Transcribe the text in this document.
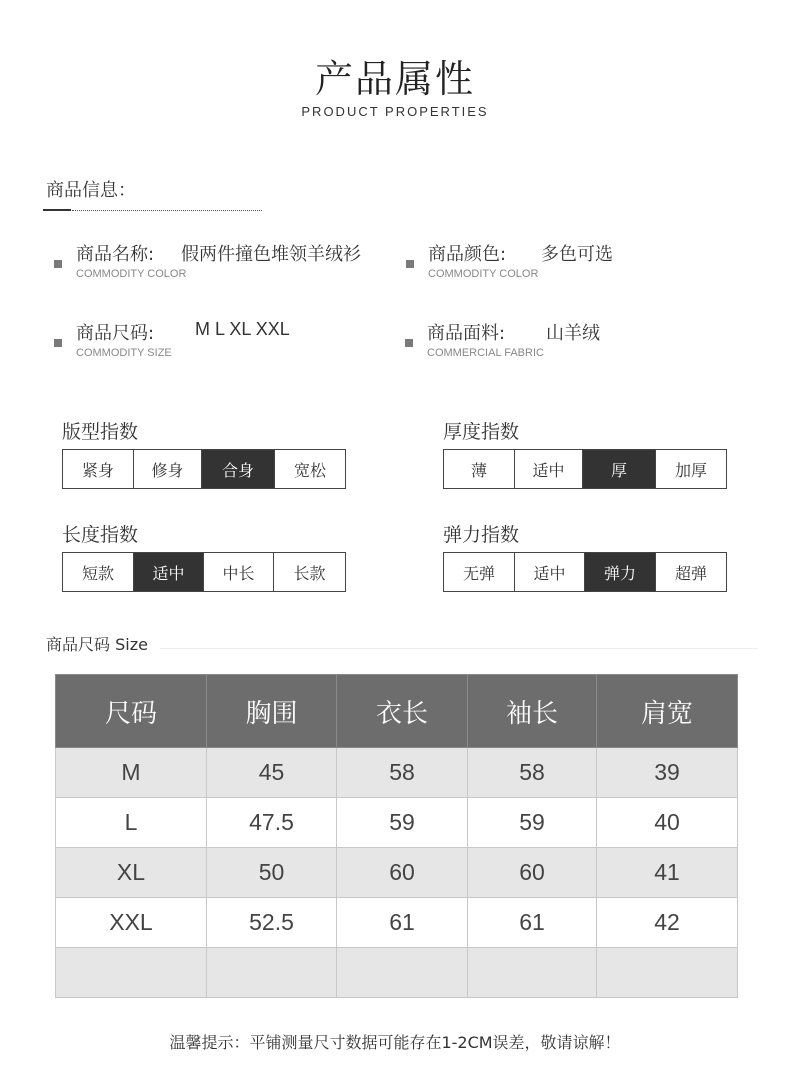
产品属性
PRODUCT PROPERTIES
商品信息：
商品名称: 假两件撞色堆领羊绒衫
COMMODITY COLOR
商品颜色: 多色可选
COMMODITY COLOR
商品尺码: M L XL XXL
COMMODITY SIZE
商品面料: 山羊绒
COMMERCIAL FABRIC
版型指数
紧身	修身	合身	宽松
厚度指数
薄	适中	厚	加厚
长度指数
短款	适中	中长	长款
弹力指数
无弹	适中	弹力	超弹
商品尺码 Size
尺码	胸围	衣长	袖长	肩宽
M	45	58	58	39
L	47.5	59	59	40
XL	50	60	60	41
XXL	52.5	61	61	42

温馨提示：平铺测量尺寸数据可能存在1-2CM误差，敬请谅解！
